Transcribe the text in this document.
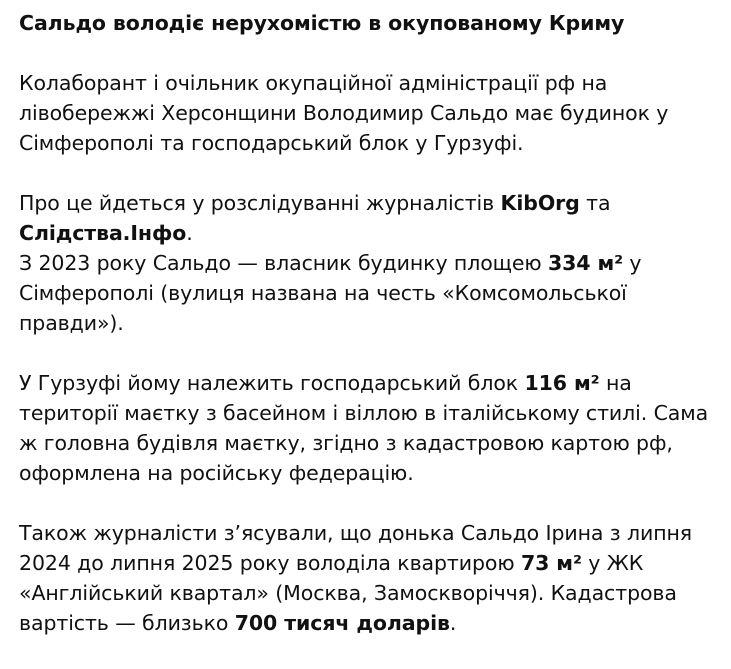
Сальдо володіє нерухомістю в окупованому Криму
Колаборант і очільник окупаційної адміністрації рф на
лівобережжі Херсонщини Володимир Сальдо має будинок у
Сімферополі та господарський блок у Гурзуфі.
Про це йдеться у розслідуванні журналістів KibOrg та
Слідства.Інфо.
З 2023 року Сальдо — власник будинку площею 334 м² у
Сімферополі (вулиця названа на честь «Комсомольської
правди»).
У Гурзуфі йому належить господарський блок 116 м² на
території маєтку з басейном і віллою в італійському стилі. Сама
ж головна будівля маєтку, згідно з кадастровою картою рф,
оформлена на російську федерацію.
Також журналісти з’ясували, що донька Сальдо Ірина з липня
2024 до липня 2025 року володіла квартирою 73 м² у ЖК
«Англійський квартал» (Москва, Замоскворіччя). Кадастрова
вартість — близько 700 тисяч доларів.
